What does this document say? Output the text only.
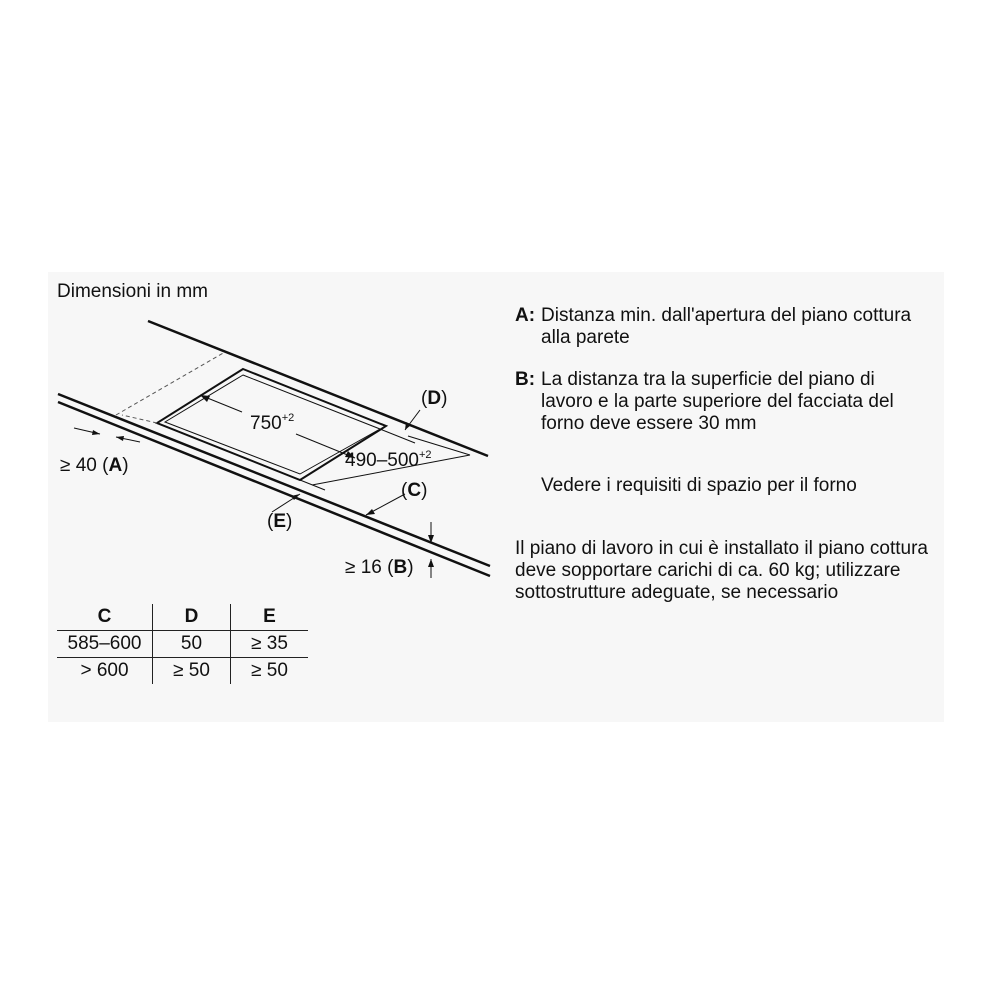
Dimensioni in mm
$750^{+2}$
$490-500^{+2}$
(D)
(C)
≥ 40 (A)
(E)
≥ 16 (B)
C	D	E
585–600	50	≥ 35
> 600	≥ 50	≥ 50
A: Distanza min. dall'apertura del piano cottura alla parete
B: La distanza tra la superficie del piano di lavoro e la parte superiore del facciata del forno deve essere 30 mm
Vedere i requisiti di spazio per il forno
Il piano di lavoro in cui è installato il piano cottura deve sopportare carichi di ca. 60 kg; utilizzare sottostrutture adeguate, se necessario
